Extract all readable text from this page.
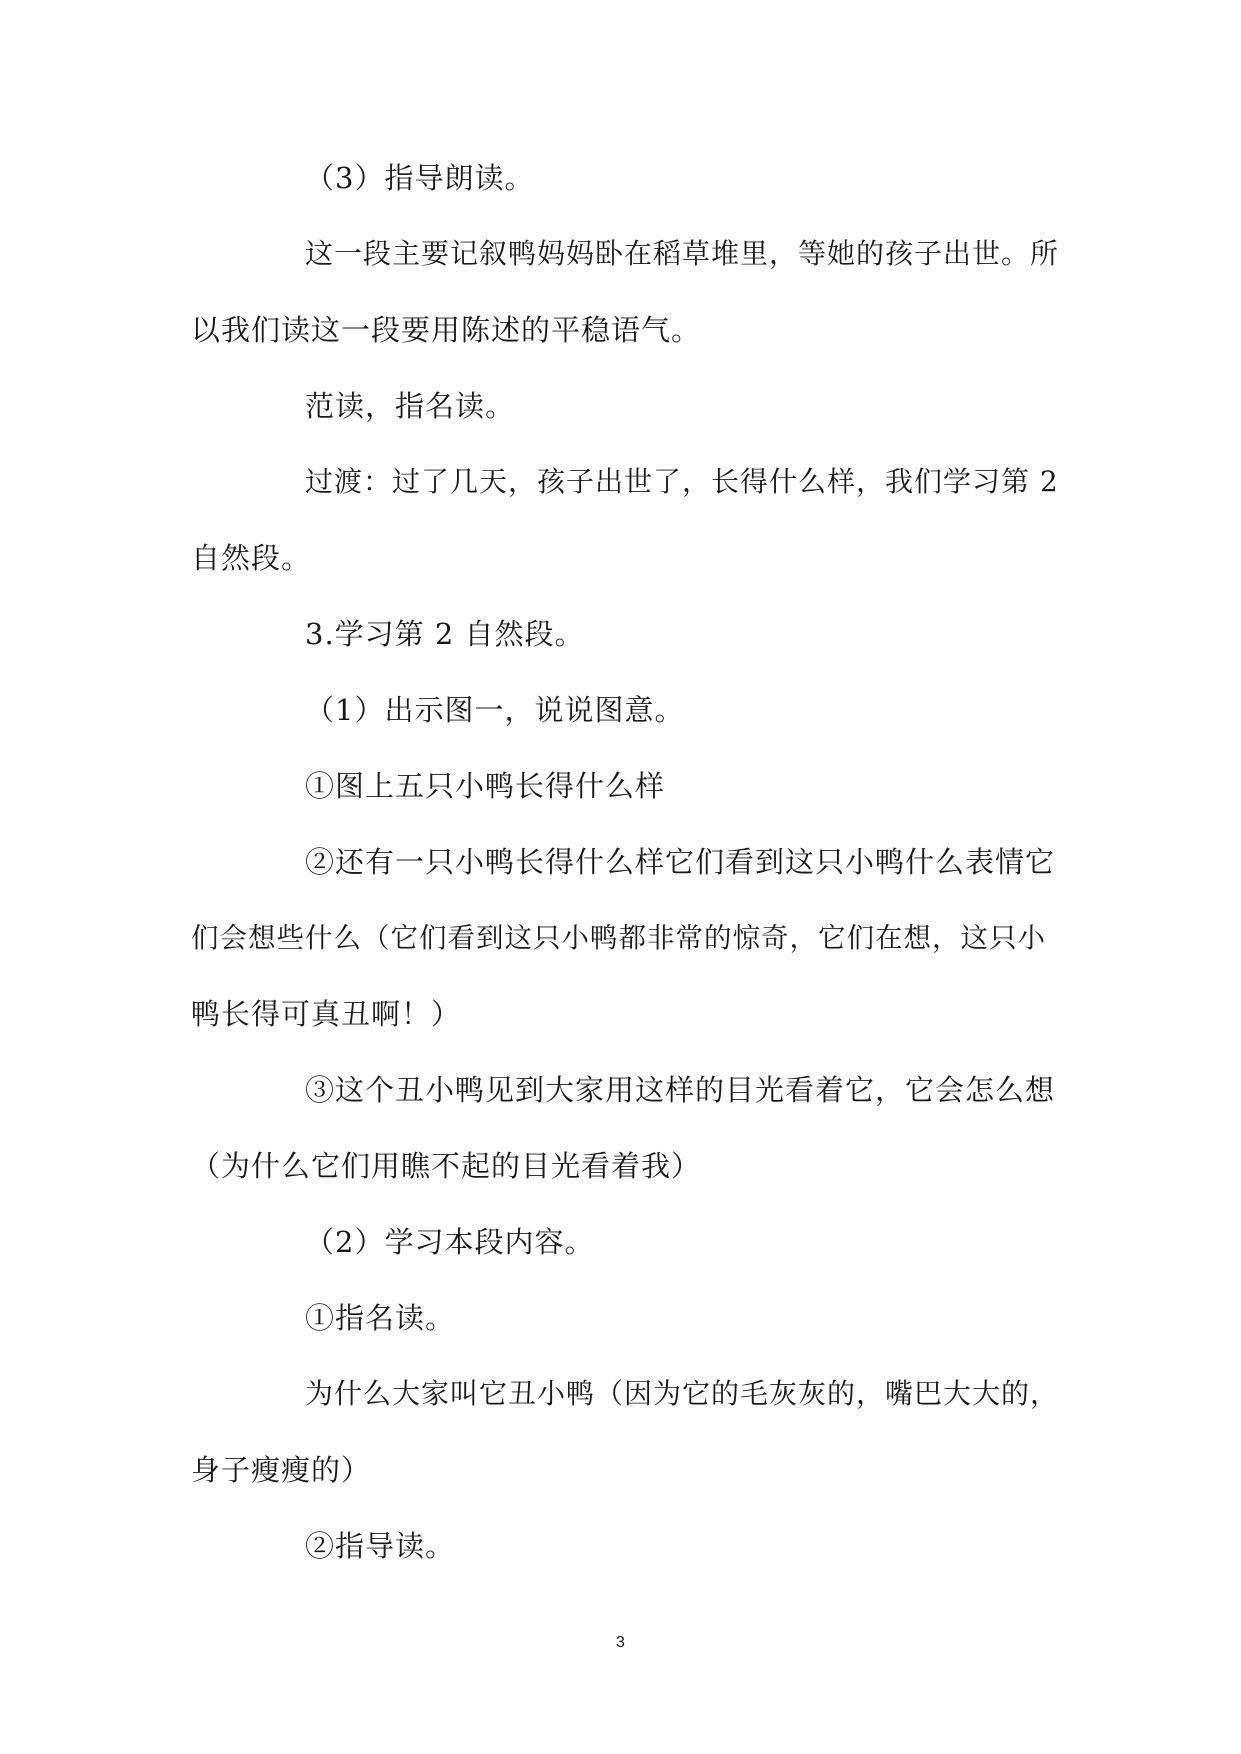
（3）指导朗读。
这一段主要记叙鸭妈妈卧在稻草堆里，等她的孩子出世。所
以我们读这一段要用陈述的平稳语气。
范读，指名读。
过渡：过了几天，孩子出世了，长得什么样，我们学习第 2
自然段。
3.学习第 2 自然段。
（1）出示图一，说说图意。
①图上五只小鸭长得什么样
②还有一只小鸭长得什么样它们看到这只小鸭什么表情它
们会想些什么（它们看到这只小鸭都非常的惊奇，它们在想，这只小
鸭长得可真丑啊！）
③这个丑小鸭见到大家用这样的目光看着它，它会怎么想
（为什么它们用瞧不起的目光看着我）
（2）学习本段内容。
①指名读。
为什么大家叫它丑小鸭（因为它的毛灰灰的，嘴巴大大的，
身子瘦瘦的）
②指导读。
3
